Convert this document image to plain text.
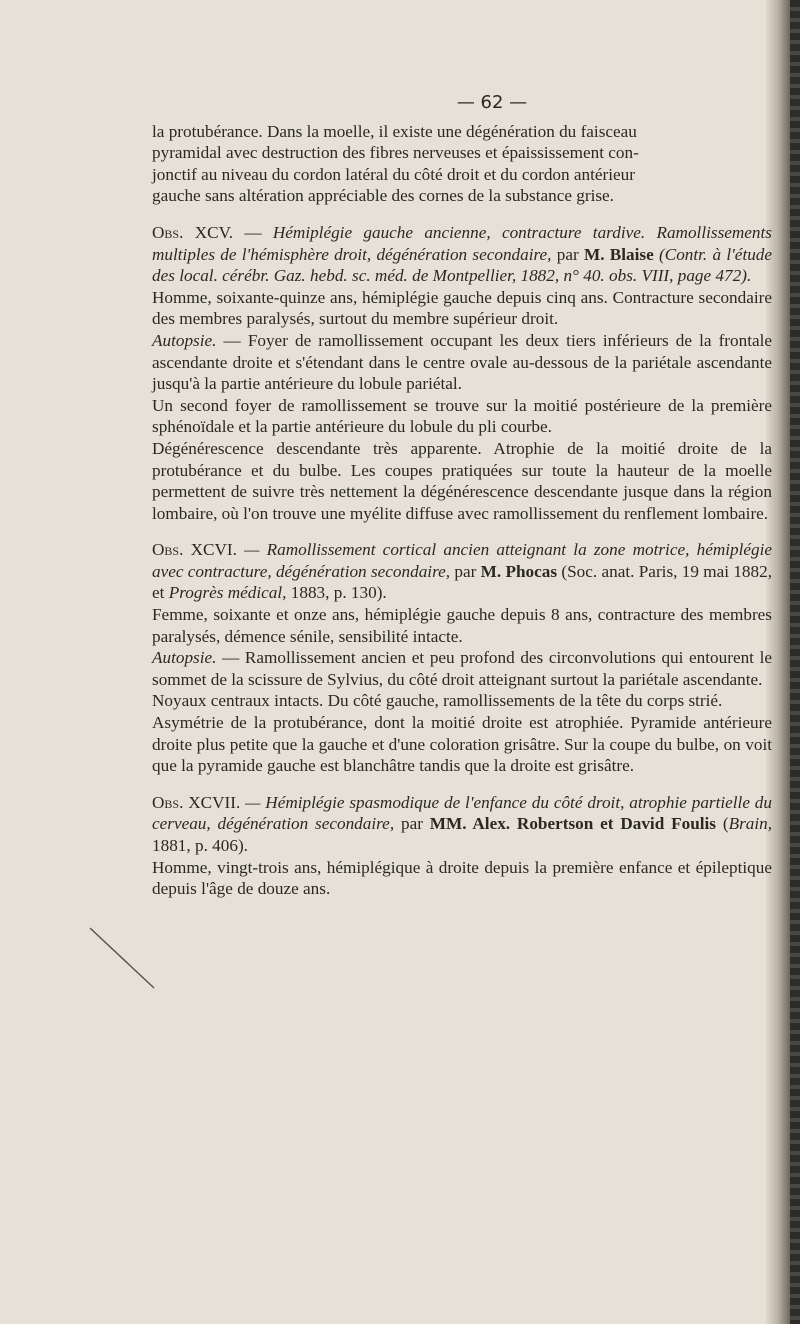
— 62 —

la protubérance. Dans la moelle, il existe une dégénération du faisceau

pyramidal avec destruction des fibres nerveuses et épaississement con-

jonctif au niveau du cordon latéral du côté droit et du cordon antérieur

gauche sans altération appréciable des cornes de la substance grise.

Obs. XCV. — Hémiplégie gauche ancienne, contracture tardive. Ramollissements multiples de l'hémisphère droit, dégénération secondaire, par M. Blaise (Contr. à l'étude des local. cérébr. Gaz. hebd. sc. méd. de Montpellier, 1882, n° 40. obs. VIII, page 472).

Homme, soixante-quinze ans, hémiplégie gauche depuis cinq ans. Contracture secondaire des membres paralysés, surtout du membre supérieur droit.

Autopsie. — Foyer de ramollissement occupant les deux tiers inférieurs de la frontale ascendante droite et s'étendant dans le centre ovale au-dessous de la pariétale ascendante jusqu'à la partie antérieure du lobule pariétal.

Un second foyer de ramollissement se trouve sur la moitié postérieure de la première sphénoïdale et la partie antérieure du lobule du pli courbe.

Dégénérescence descendante très apparente. Atrophie de la moitié droite de la protubérance et du bulbe. Les coupes pratiquées sur toute la hauteur de la moelle permettent de suivre très nettement la dégénérescence descendante jusque dans la région lombaire, où l'on trouve une myélite diffuse avec ramollissement du renflement lombaire.

Obs. XCVI. — Ramollissement cortical ancien atteignant la zone motrice, hémiplégie avec contracture, dégénération secondaire, par M. Phocas (Soc. anat. Paris, 19 mai 1882, et Progrès médical, 1883, p. 130).

Femme, soixante et onze ans, hémiplégie gauche depuis 8 ans, contracture des membres paralysés, démence sénile, sensibilité intacte.

Autopsie. — Ramollissement ancien et peu profond des circonvolutions qui entourent le sommet de la scissure de Sylvius, du côté droit atteignant surtout la pariétale ascendante.

Noyaux centraux intacts. Du côté gauche, ramollissements de la tête du corps strié.

Asymétrie de la protubérance, dont la moitié droite est atrophiée. Pyramide antérieure droite plus petite que la gauche et d'une coloration grisâtre. Sur la coupe du bulbe, on voit que la pyramide gauche est blanchâtre tandis que la droite est grisâtre.

Obs. XCVII. — Hémiplégie spasmodique de l'enfance du côté droit, atrophie partielle du cerveau, dégénération secondaire, par MM. Alex. Robertson et David Foulis (Brain, 1881, p. 406).

Homme, vingt-trois ans, hémiplégique à droite depuis la première enfance et épileptique depuis l'âge de douze ans.
